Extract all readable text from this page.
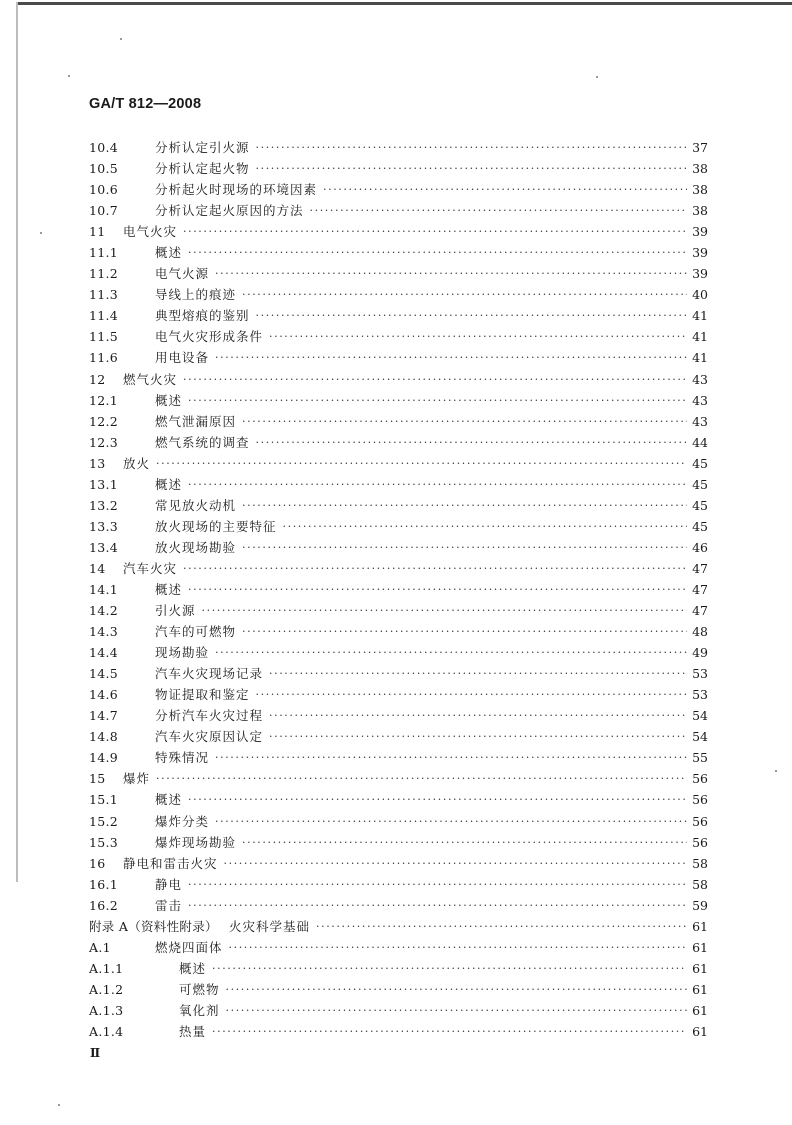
GA/T 812—2008
10.4	分析认定引火源 ·····	37
10.5	分析认定起火物 ·····	38
10.6	分析起火时现场的环境因素 ·····	38
10.7	分析认定起火原因的方法 ·····	38
11	电气火灾 ·····	39
11.1	概述 ·····	39
11.2	电气火源 ·····	39
11.3	导线上的痕迹 ·····	40
11.4	典型熔痕的鉴别 ·····	41
11.5	电气火灾形成条件 ·····	41
11.6	用电设备 ·····	41
12	燃气火灾 ·····	43
12.1	概述 ·····	43
12.2	燃气泄漏原因 ·····	43
12.3	燃气系统的调查 ·····	44
13	放火 ·····	45
13.1	概述 ·····	45
13.2	常见放火动机 ·····	45
13.3	放火现场的主要特征 ·····	45
13.4	放火现场勘验 ·····	46
14	汽车火灾 ·····	47
14.1	概述 ·····	47
14.2	引火源 ·····	47
14.3	汽车的可燃物 ·····	48
14.4	现场勘验 ·····	49
14.5	汽车火灾现场记录 ·····	53
14.6	物证提取和鉴定 ·····	53
14.7	分析汽车火灾过程 ·····	54
14.8	汽车火灾原因认定 ·····	54
14.9	特殊情况 ·····	55
15	爆炸 ·····	56
15.1	概述 ·····	56
15.2	爆炸分类 ·····	56
15.3	爆炸现场勘验 ·····	56
16	静电和雷击火灾 ·····	58
16.1	静电 ·····	58
16.2	雷击 ·····	59
附录 A（资料性附录） 火灾科学基础 ·····	61
A.1	燃烧四面体 ·····	61
A.1.1	概述 ·····	61
A.1.2	可燃物 ·····	61
A.1.3	氧化剂 ·····	61
A.1.4	热量 ·····	61
Ⅱ
